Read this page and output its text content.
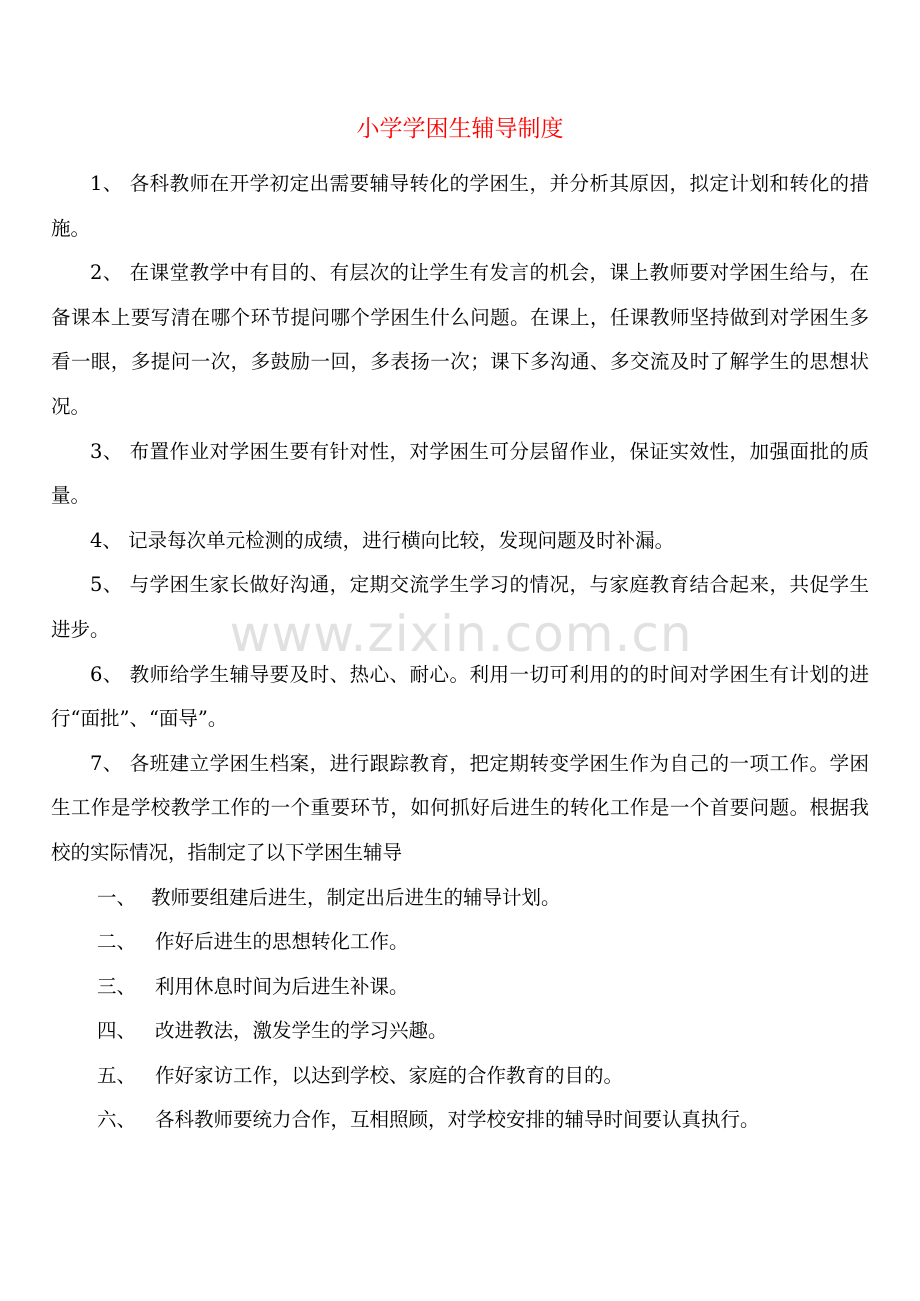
小学学困生辅导制度

1、 各科教师在开学初定出需要辅导转化的学困生，并分析其原因，拟定计划和转化的措施。

2、 在课堂教学中有目的、有层次的让学生有发言的机会，课上教师要对学困生给与，在备课本上要写清在哪个环节提问哪个学困生什么问题。在课上，任课教师坚持做到对学困生多看一眼，多提问一次，多鼓励一回，多表扬一次；课下多沟通、多交流及时了解学生的思想状况。

3、 布置作业对学困生要有针对性，对学困生可分层留作业，保证实效性，加强面批的质量。

4、 记录每次单元检测的成绩，进行横向比较，发现问题及时补漏。

5、 与学困生家长做好沟通，定期交流学生学习的情况，与家庭教育结合起来，共促学生进步。

6、 教师给学生辅导要及时、热心、耐心。利用一切可利用的的时间对学困生有计划的进行“面批”、“面导”。

7、 各班建立学困生档案，进行跟踪教育，把定期转变学困生作为自己的一项工作。学困生工作是学校教学工作的一个重要环节，如何抓好后进生的转化工作是一个首要问题。根据我校的实际情况，指制定了以下学困生辅导

一、 教师要组建后进生，制定出后进生的辅导计划。

二、 作好后进生的思想转化工作。

三、 利用休息时间为后进生补课。

四、 改进教法，激发学生的学习兴趣。

五、 作好家访工作，以达到学校、家庭的合作教育的目的。

六、 各科教师要统力合作，互相照顾，对学校安排的辅导时间要认真执行。

www.zixin.com.cn
